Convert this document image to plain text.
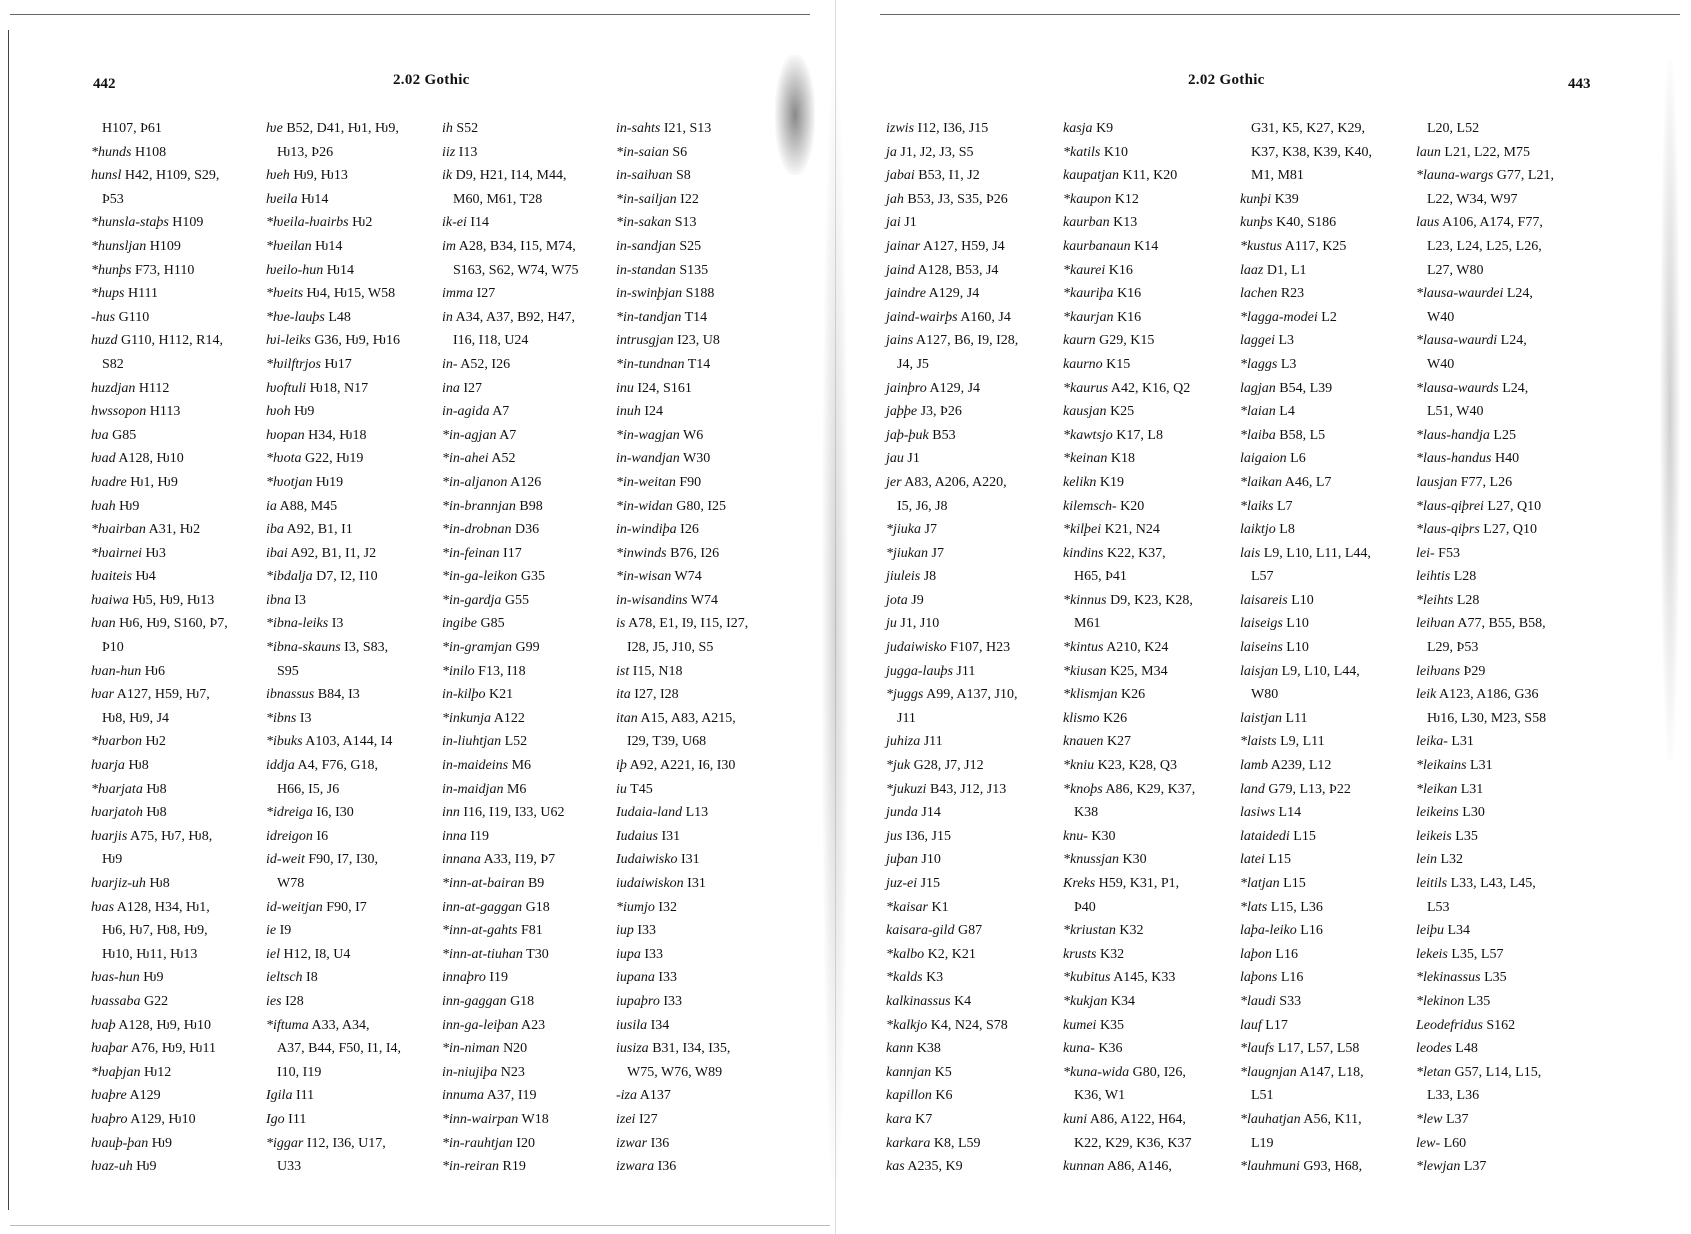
442	2.02 Gothic
H107, Þ61
*hunds H108
hunsl H42, H109, S29,
Þ53
*hunsla-staþs H109
*hunsljan H109
*hunþs F73, H110
*hups H111
-hus G110
huzd G110, H112, R14,
S82
huzdjan H112
hwssopon H113
ƕa G85
ƕad A128, Ƕ10
ƕadre Ƕ1, Ƕ9
ƕah Ƕ9
*ƕairban A31, Ƕ2
*ƕairnei Ƕ3
ƕaiteis Ƕ4
ƕaiwa Ƕ5, Ƕ9, Ƕ13
ƕan Ƕ6, Ƕ9, S160, Þ7,
Þ10
ƕan-hun Ƕ6
ƕar A127, H59, Ƕ7,
Ƕ8, Ƕ9, J4
*ƕarbon Ƕ2
ƕarja Ƕ8
*ƕarjata Ƕ8
ƕarjatoh Ƕ8
ƕarjis A75, Ƕ7, Ƕ8,
Ƕ9
ƕarjiz-uh Ƕ8
ƕas A128, H34, Ƕ1,
Ƕ6, Ƕ7, Ƕ8, Ƕ9,
Ƕ10, Ƕ11, Ƕ13
ƕas-hun Ƕ9
ƕassaba G22
ƕaþ A128, Ƕ9, Ƕ10
ƕaþar A76, Ƕ9, Ƕ11
*ƕaþjan Ƕ12
ƕaþre A129
ƕaþro A129, Ƕ10
ƕauþ-þan Ƕ9
ƕaz-uh Ƕ9
ƕe B52, D41, Ƕ1, Ƕ9,
Ƕ13, Þ26
ƕeh Ƕ9, Ƕ13
ƕeila Ƕ14
*ƕeila-ƕairbs Ƕ2
*ƕeilan Ƕ14
ƕeilo-hun Ƕ14
*ƕeits Ƕ4, Ƕ15, W58
*ƕe-lauþs L48
ƕi-leiks G36, Ƕ9, Ƕ16
*ƕilftrjos Ƕ17
ƕoftuli Ƕ18, N17
ƕoh Ƕ9
ƕopan H34, Ƕ18
*ƕota G22, Ƕ19
*ƕotjan Ƕ19
ia A88, M45
iba A92, B1, I1
ibai A92, B1, I1, J2
*ibdalja D7, I2, I10
ibna I3
*ibna-leiks I3
*ibna-skauns I3, S83,
S95
ibnassus B84, I3
*ibns I3
*ibuks A103, A144, I4
iddja A4, F76, G18,
H66, I5, J6
*idreiga I6, I30
idreigon I6
id-weit F90, I7, I30,
W78
id-weitjan F90, I7
ie I9
iel H12, I8, U4
ieltsch I8
ies I28
*iftuma A33, A34,
A37, B44, F50, I1, I4,
I10, I19
Igila I11
Igo I11
*iggar I12, I36, U17,
U33
ih S52
iiz I13
ik D9, H21, I14, M44,
M60, M61, T28
ik-ei I14
im A28, B34, I15, M74,
S163, S62, W74, W75
imma I27
in A34, A37, B92, H47,
I16, I18, U24
in- A52, I26
ina I27
in-agida A7
*in-agjan A7
*in-ahei A52
*in-aljanon A126
*in-brannjan B98
*in-drobnan D36
*in-feinan I17
*in-ga-leikon G35
*in-gardja G55
ingibe G85
*in-gramjan G99
*inilo F13, I18
in-kilþo K21
*inkunja A122
in-liuhtjan L52
in-maideins M6
in-maidjan M6
inn I16, I19, I33, U62
inna I19
innana A33, I19, Þ7
*inn-at-bairan B9
inn-at-gaggan G18
*inn-at-gahts F81
*inn-at-tiuhan T30
innaþro I19
inn-gaggan G18
inn-ga-leiþan A23
*in-niman N20
in-niujiþa N23
innuma A37, I19
*inn-wairpan W18
*in-rauhtjan I20
*in-reiran R19
in-sahts I21, S13
*in-saian S6
in-saiƕan S8
*in-sailjan I22
*in-sakan S13
in-sandjan S25
in-standan S135
in-swinþjan S188
*in-tandjan T14
intrusgjan I23, U8
*in-tundnan T14
inu I24, S161
inuh I24
*in-wagjan W6
in-wandjan W30
*in-weitan F90
*in-widan G80, I25
in-windiþa I26
*inwinds B76, I26
*in-wisan W74
in-wisandins W74
is A78, E1, I9, I15, I27,
I28, J5, J10, S5
ist I15, N18
ita I27, I28
itan A15, A83, A215,
I29, T39, U68
iþ A92, A221, I6, I30
iu T45
Iudaia-land L13
Iudaius I31
Iudaiwisko I31
iudaiwiskon I31
*iumjo I32
iup I33
iupa I33
iupana I33
iupaþro I33
iusila I34
iusiza B31, I34, I35,
W75, W76, W89
-iza A137
izei I27
izwar I36
izwara I36
2.02 Gothic	443
izwis I12, I36, J15
ja J1, J2, J3, S5
jabai B53, I1, J2
jah B53, J3, S35, Þ26
jai J1
jainar A127, H59, J4
jaind A128, B53, J4
jaindre A129, J4
jaind-wairþs A160, J4
jains A127, B6, I9, I28,
J4, J5
jainþro A129, J4
jaþþe J3, Þ26
jaþ-þuk B53
jau J1
jer A83, A206, A220,
I5, J6, J8
*jiuka J7
*jiukan J7
jiuleis J8
jota J9
ju J1, J10
judaiwisko F107, H23
jugga-lauþs J11
*juggs A99, A137, J10,
J11
juhiza J11
*juk G28, J7, J12
*jukuzi B43, J12, J13
junda J14
jus I36, J15
juþan J10
juz-ei J15
*kaisar K1
kaisara-gild G87
*kalbo K2, K21
*kalds K3
kalkinassus K4
*kalkjo K4, N24, S78
kann K38
kannjan K5
kapillon K6
kara K7
karkara K8, L59
kas A235, K9
kasja K9
*katils K10
kaupatjan K11, K20
*kaupon K12
kaurban K13
kaurbanaun K14
*kaurei K16
*kauriþa K16
*kaurjan K16
kaurn G29, K15
kaurno K15
*kaurus A42, K16, Q2
kausjan K25
*kawtsjo K17, L8
*keinan K18
kelikn K19
kilemsch- K20
*kilþei K21, N24
kindins K22, K37,
H65, Þ41
*kinnus D9, K23, K28,
M61
*kintus A210, K24
*kiusan K25, M34
*klismjan K26
klismo K26
knauen K27
*kniu K23, K28, Q3
*knoþs A86, K29, K37,
K38
knu- K30
*knussjan K30
Kreks H59, K31, P1,
Þ40
*kriustan K32
krusts K32
*kubitus A145, K33
*kukjan K34
kumei K35
kuna- K36
*kuna-wida G80, I26,
K36, W1
kuni A86, A122, H64,
K22, K29, K36, K37
kunnan A86, A146,
G31, K5, K27, K29,
K37, K38, K39, K40,
M1, M81
kunþi K39
kunþs K40, S186
*kustus A117, K25
laaz D1, L1
lachen R23
*lagga-modei L2
laggei L3
*laggs L3
lagjan B54, L39
*laian L4
*laiba B58, L5
laigaion L6
*laikan A46, L7
*laiks L7
laiktjo L8
lais L9, L10, L11, L44,
L57
laisareis L10
laiseigs L10
laiseins L10
laisjan L9, L10, L44,
W80
laistjan L11
*laists L9, L11
lamb A239, L12
land G79, L13, Þ22
lasiws L14
lataidedi L15
latei L15
*latjan L15
*lats L15, L36
laþa-leiko L16
laþon L16
laþons L16
*laudi S33
lauf L17
*laufs L17, L57, L58
*laugnjan A147, L18,
L51
*lauhatjan A56, K11,
L19
*lauhmuni G93, H68,
L20, L52
laun L21, L22, M75
*launa-wargs G77, L21,
L22, W34, W97
laus A106, A174, F77,
L23, L24, L25, L26,
L27, W80
*lausa-waurdei L24,
W40
*lausa-waurdi L24,
W40
*lausa-waurds L24,
L51, W40
*laus-handja L25
*laus-handus H40
lausjan F77, L26
*laus-qiþrei L27, Q10
*laus-qiþrs L27, Q10
lei- F53
leihtis L28
*leihts L28
leiƕan A77, B55, B58,
L29, Þ53
leiƕans Þ29
leik A123, A186, G36
Ƕ16, L30, M23, S58
leika- L31
*leikains L31
*leikan L31
leikeins L30
leikeis L35
lein L32
leitils L33, L43, L45,
L53
leiþu L34
lekeis L35, L57
*lekinassus L35
*lekinon L35
Leodefridus S162
leodes L48
*letan G57, L14, L15,
L33, L36
*lew L37
lew- L60
*lewjan L37
